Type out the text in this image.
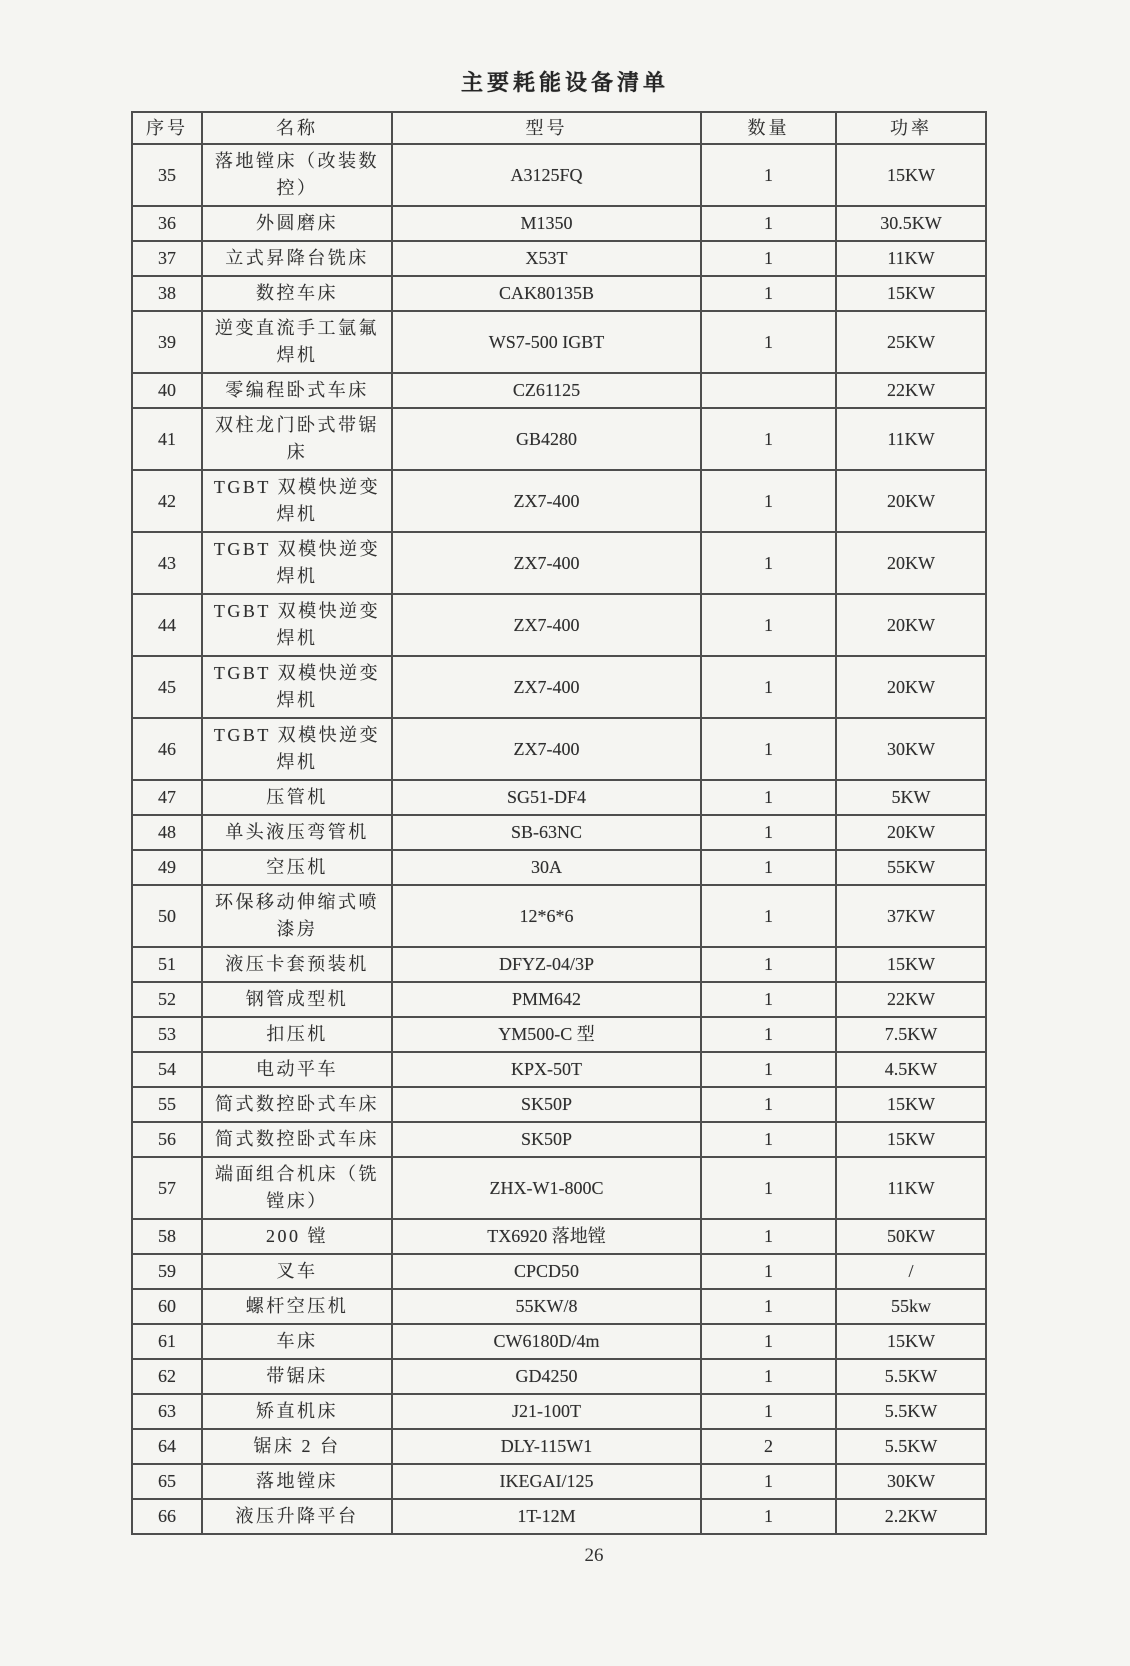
主要耗能设备清单
序号	名称	型号	数量	功率
35	落地镗床（改装数控）	A3125FQ	1	15KW
36	外圆磨床	M1350	1	30.5KW
37	立式昇降台铣床	X53T	1	11KW
38	数控车床	CAK80135B	1	15KW
39	逆变直流手工氩氟焊机	WS7-500 IGBT	1	25KW
40	零编程卧式车床	CZ61125		22KW
41	双柱龙门卧式带锯床	GB4280	1	11KW
42	TGBT 双模快逆变焊机	ZX7-400	1	20KW
43	TGBT 双模快逆变焊机	ZX7-400	1	20KW
44	TGBT 双模快逆变焊机	ZX7-400	1	20KW
45	TGBT 双模快逆变焊机	ZX7-400	1	20KW
46	TGBT 双模快逆变焊机	ZX7-400	1	30KW
47	压管机	SG51-DF4	1	5KW
48	单头液压弯管机	SB-63NC	1	20KW
49	空压机	30A	1	55KW
50	环保移动伸缩式喷漆房	12*6*6	1	37KW
51	液压卡套预装机	DFYZ-04/3P	1	15KW
52	钢管成型机	PMM642	1	22KW
53	扣压机	YM500-C 型	1	7.5KW
54	电动平车	KPX-50T	1	4.5KW
55	简式数控卧式车床	SK50P	1	15KW
56	简式数控卧式车床	SK50P	1	15KW
57	端面组合机床（铣镗床）	ZHX-W1-800C	1	11KW
58	200 镗	TX6920 落地镗	1	50KW
59	叉车	CPCD50	1	/
60	螺杆空压机	55KW/8	1	55kw
61	车床	CW6180D/4m	1	15KW
62	带锯床	GD4250	1	5.5KW
63	矫直机床	J21-100T	1	5.5KW
64	锯床 2 台	DLY-115W1	2	5.5KW
65	落地镗床	IKEGAI/125	1	30KW
66	液压升降平台	1T-12M	1	2.2KW
26
